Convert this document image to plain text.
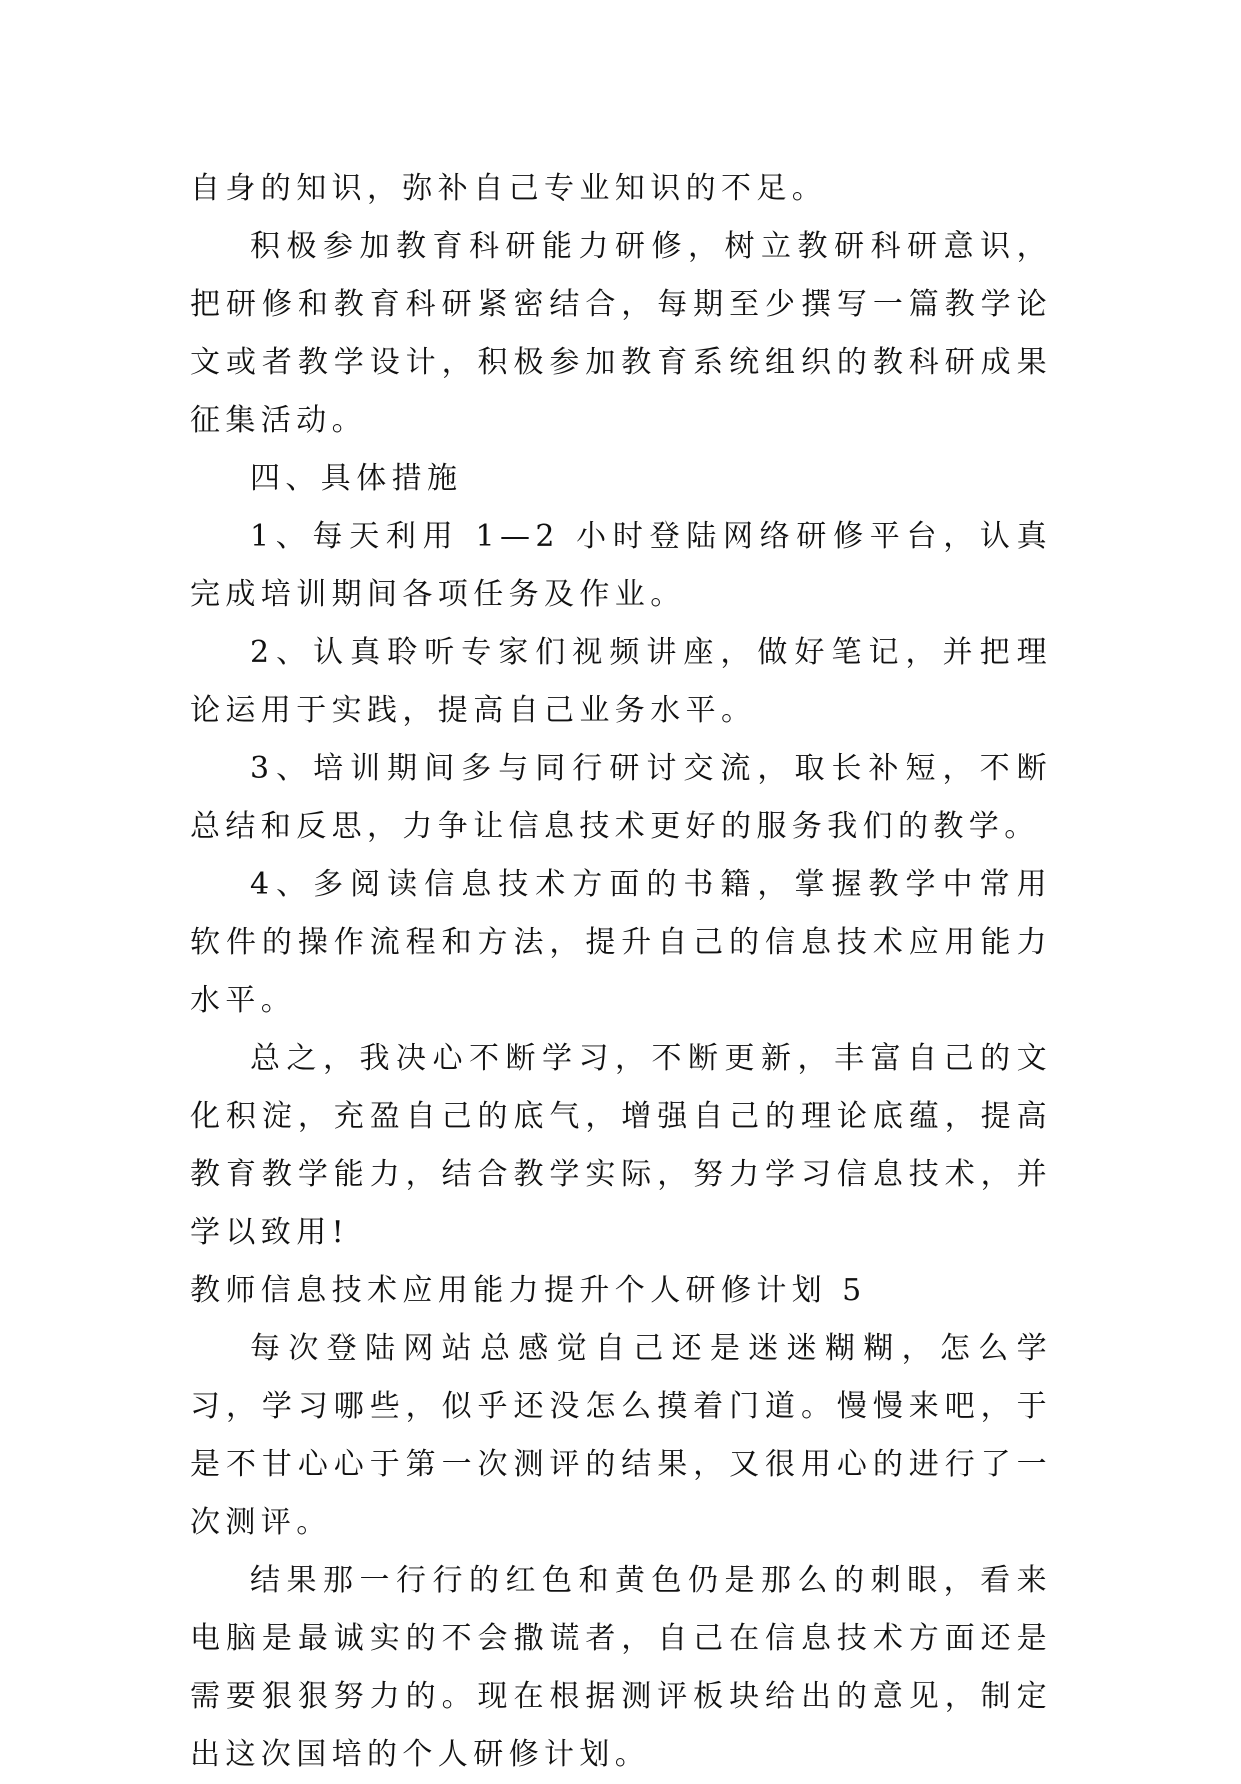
自身的知识，弥补自己专业知识的不足。

积极参加教育科研能力研修，树立教研科研意识，把研修和教育科研紧密结合，每期至少撰写一篇教学论文或者教学设计，积极参加教育系统组织的教科研成果征集活动。

四、具体措施

1、每天利用 1—2 小时登陆网络研修平台，认真完成培训期间各项任务及作业。

2、认真聆听专家们视频讲座，做好笔记，并把理论运用于实践，提高自己业务水平。

3、培训期间多与同行研讨交流，取长补短，不断总结和反思，力争让信息技术更好的服务我们的教学。

4、多阅读信息技术方面的书籍，掌握教学中常用软件的操作流程和方法，提升自己的信息技术应用能力水平。

总之，我决心不断学习，不断更新，丰富自己的文化积淀，充盈自己的底气，增强自己的理论底蕴，提高教育教学能力，结合教学实际，努力学习信息技术，并学以致用!

教师信息技术应用能力提升个人研修计划 5

每次登陆网站总感觉自己还是迷迷糊糊，怎么学习，学习哪些，似乎还没怎么摸着门道。慢慢来吧，于是不甘心心于第一次测评的结果，又很用心的进行了一次测评。

结果那一行行的红色和黄色仍是那么的刺眼，看来电脑是最诚实的不会撒谎者，自己在信息技术方面还是需要狠狠努力的。现在根据测评板块给出的意见，制定出这次国培的个人研修计划。
